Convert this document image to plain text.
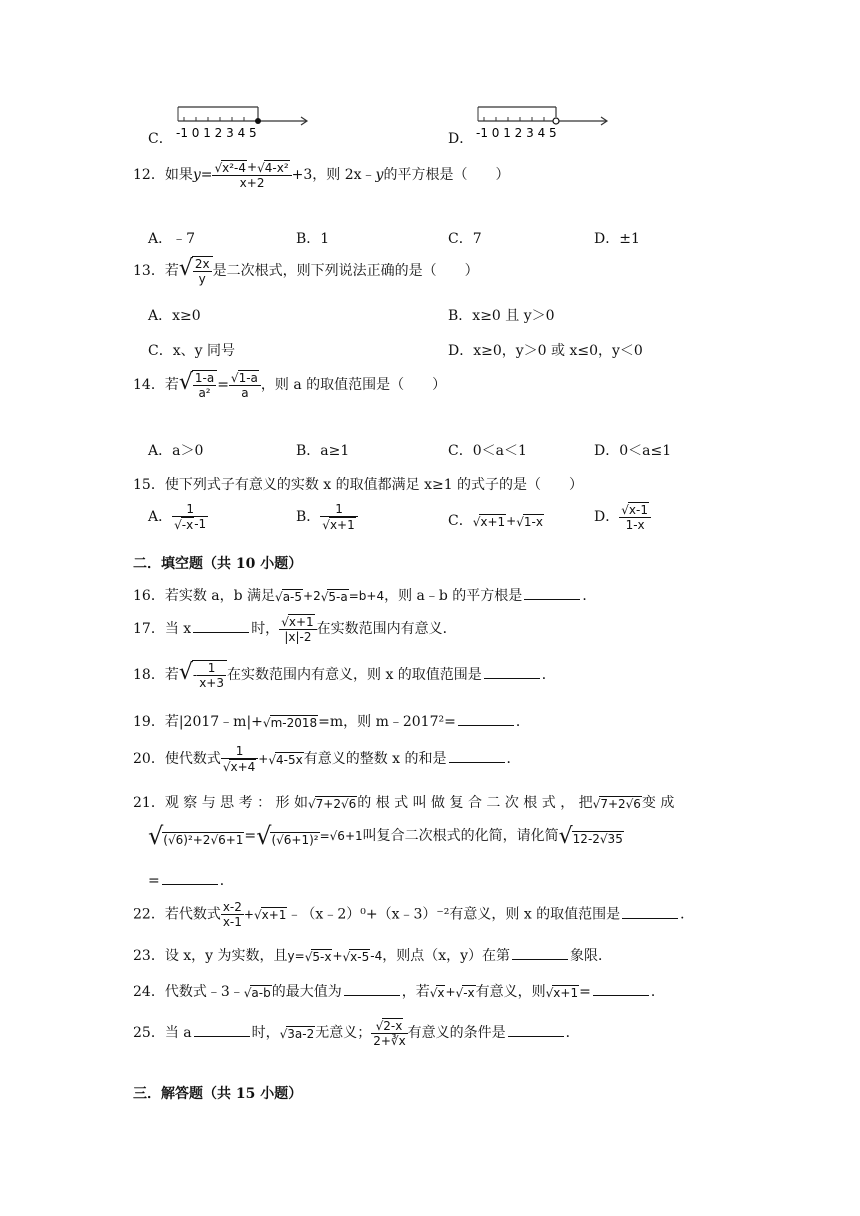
C． -1 0 1 2 3 4 5	D． -1 0 1 2 3 4 5
12．如果$y= \frac{\text{√x²-4+√4-x²}}{x+2} +3$，则 2x﹣y的平方根是（　　）
A．﹣7	B．1	C．7	D．±1
13．若√ $\frac{2x}{y}$ 是二次根式，则下列说法正确的是（　　）
A．x≥0	B．x≥0 且 y＞0
C．x、y 同号	D．x≥0，y＞0 或 x≤0，y＜0
14．若√ $\frac{1-a}{\text{a²}} = \frac{√1-a}{a}$ ，则 a 的取值范围是（　　）
A．a＞0	B．a≥1	C．0＜a＜1	D．0＜a≤1
15．使下列式子有意义的实数 x 的取值都满足 x≥1 的式子的是（　　）
A． $\frac{1}{√-x-1}$	B． $\frac{1}{√x+1}$	C．√x+1+√1-x	D． $\frac{√x-1}{1-x}$
二．填空题（共 10 小题）
16．若实数 a，b 满足√a-5+2√5-a=b+4，则 a﹣b 的平方根是	．
17．当 x	时， $\frac{√x+1}{|x|-2}$ 在实数范围内有意义．
18．若√- $\frac{1}{x+3}$ 在实数范围内有意义，则 x 的取值范围是	．
19．若|2017﹣m|+√m-2018=m，则 m﹣2017²=	．
20．使代数式 $\frac{1}{√x+4} +√4-5x$有意义的整数 x 的和是	．
21．观 察 与 思 考 ： 形 如√7+2√6的 根 式 叫 做 复 合 二 次 根 式 ， 把√7+2√6变 成
√(√6)²+2√6+1=√(√6+1)²=√6+1叫复合二次根式的化简，请化简√12-2√35
=	．
22．若代数式 $\frac{x-2}{x-1}$ +√x+1﹣（x﹣2）⁰+（x﹣3）⁻²有意义，则 x 的取值范围是	．
23．设 x，y 为实数，且y=√5-x+√x-5-4，则点（x，y）在第	象限．
24．代数式﹣3﹣√a-b的最大值为	，若√x+√-x有意义，则√x+1=	．
25．当 a	时，√3a-2无意义； $\frac{√2-x}{2+∛x}$ 有意义的条件是	．
三．解答题（共 15 小题）
